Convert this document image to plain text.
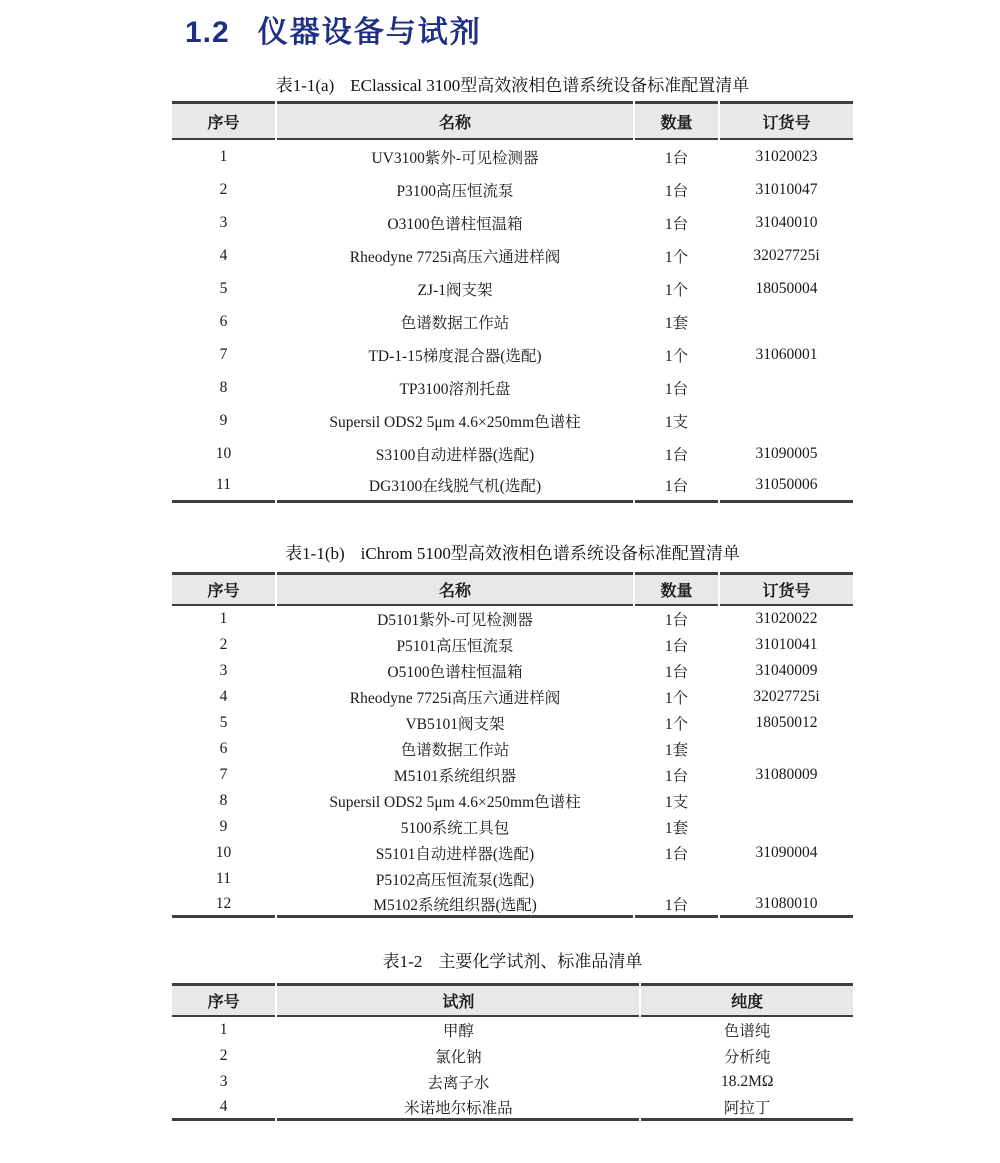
1.2 仪器设备与试剂
表1-1(a) EClassical 3100型高效液相色谱系统设备标准配置清单
序号	名称	数量	订货号
1	UV3100紫外-可见检测器	1台	31020023
2	P3100高压恒流泵	1台	31010047
3	O3100色谱柱恒温箱	1台	31040010
4	Rheodyne 7725i高压六通进样阀	1个	32027725i
5	ZJ-1阀支架	1个	18050004
6	色谱数据工作站	1套	
7	TD-1-15梯度混合器(选配)	1个	31060001
8	TP3100溶剂托盘	1台	
9	Supersil ODS2 5μm 4.6×250mm色谱柱	1支	
10	S3100自动进样器(选配)	1台	31090005
11	DG3100在线脱气机(选配)	1台	31050006
表1-1(b) iChrom 5100型高效液相色谱系统设备标准配置清单
序号	名称	数量	订货号
1	D5101紫外-可见检测器	1台	31020022
2	P5101高压恒流泵	1台	31010041
3	O5100色谱柱恒温箱	1台	31040009
4	Rheodyne 7725i高压六通进样阀	1个	32027725i
5	VB5101阀支架	1个	18050012
6	色谱数据工作站	1套	
7	M5101系统组织器	1台	31080009
8	Supersil ODS2 5μm 4.6×250mm色谱柱	1支	
9	5100系统工具包	1套	
10	S5101自动进样器(选配)	1台	31090004
11	P5102高压恒流泵(选配)		
12	M5102系统组织器(选配)	1台	31080010
表1-2 主要化学试剂、标准品清单
序号	试剂	纯度
1	甲醇	色谱纯
2	氯化钠	分析纯
3	去离子水	18.2MΩ
4	米诺地尔标准品	阿拉丁
